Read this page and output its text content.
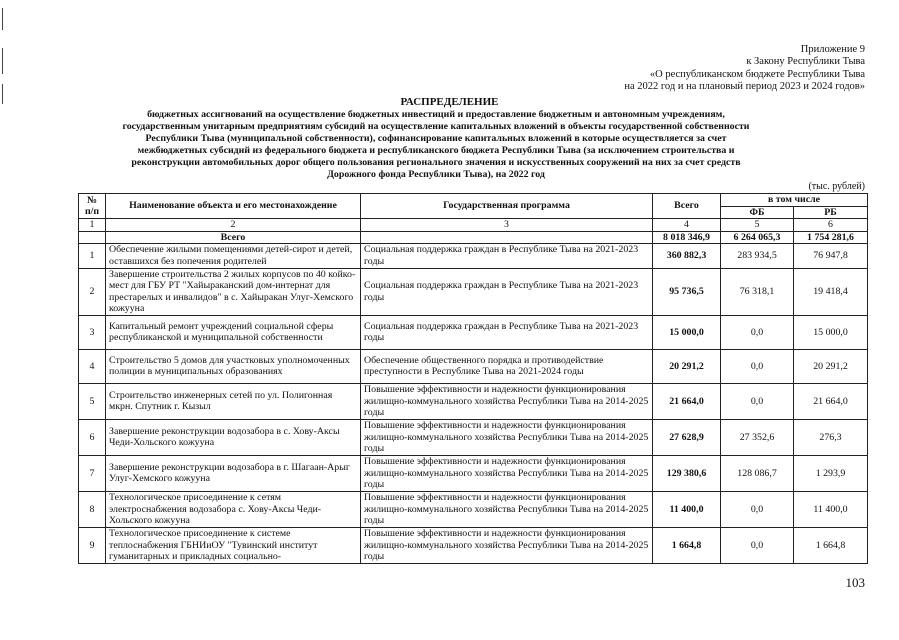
Приложение 9
к Закону Республики Тыва
«О республиканском бюджете Республики Тыва
на 2022 год и на плановый период 2023 и 2024 годов»
РАСПРЕДЕЛЕНИЕ
бюджетных ассигнований на осуществление бюджетных инвестиций и предоставление бюджетным и автономным учреждениям, государственным унитарным предприятиям субсидий на осуществление капитальных вложений в объекты государственной собственности Республики Тыва (муниципальной собственности), софинансирование капитальных вложений в которые осуществляется за счет межбюджетных субсидий из федерального бюджета и республиканского бюджета Республики Тыва (за исключением строительства и реконструкции автомобильных дорог общего пользования регионального значения и искусственных сооружений на них за счет средств Дорожного фонда Республики Тыва), на 2022 год
(тыс. рублей)
№ п/п	Наименование объекта и его местонахождение	Государственная программа	Всего	в том числе	
				ФБ	РБ
1	2	3	4	5	6
	Всего		8 018 346,9	6 264 065,3	1 754 281,6
1	Обеспечение жилыми помещениями детей-сирот и детей, оставшихся без попечения родителей	Социальная поддержка граждан в Республике Тыва на 2021-2023 годы	360 882,3	283 934,5	76 947,8
2	Завершение строительства 2 жилых корпусов по 40 койко-мест для ГБУ РТ "Хайыраканский дом-интернат для престарелых и инвалидов" в с. Хайыракан Улуг-Хемского кожууна	Социальная поддержка граждан в Республике Тыва на 2021-2023 годы	95 736,5	76 318,1	19 418,4
3	Капитальный ремонт учреждений социальной сферы республиканской и муниципальной собственности	Социальная поддержка граждан в Республике Тыва на 2021-2023 годы	15 000,0	0,0	15 000,0
4	Строительство 5 домов для участковых уполномоченных полиции в муниципальных образованиях	Обеспечение общественного порядка и противодействие преступности в Республике Тыва на 2021-2024 годы	20 291,2	0,0	20 291,2
5	Строительство инженерных сетей по ул. Полигонная мкрн. Спутник г. Кызыл	Повышение эффективности и надежности функционирования жилищно-коммунального хозяйства Республики Тыва на 2014-2025 годы	21 664,0	0,0	21 664,0
6	Завершение реконструкции водозабора в с. Хову-Аксы Чеди-Хольского кожууна	Повышение эффективности и надежности функционирования жилищно-коммунального хозяйства Республики Тыва на 2014-2025 годы	27 628,9	27 352,6	276,3
7	Завершение реконструкции водозабора в г. Шагаан-Арыг Улуг-Хемского кожууна	Повышение эффективности и надежности функционирования жилищно-коммунального хозяйства Республики Тыва на 2014-2025 годы	129 380,6	128 086,7	1 293,9
8	Технологическое присоединение к сетям электроснабжения водозабора с. Хову-Аксы Чеди-Хольского кожууна	Повышение эффективности и надежности функционирования жилищно-коммунального хозяйства Республики Тыва на 2014-2025 годы	11 400,0	0,0	11 400,0
9	Технологическое присоединение к системе теплоснабжения ГБНИиОУ "Тувинский институт гуманитарных и прикладных социально-	Повышение эффективности и надежности функционирования жилищно-коммунального хозяйства Республики Тыва на 2014-2025 годы	1 664,8	0,0	1 664,8
103
